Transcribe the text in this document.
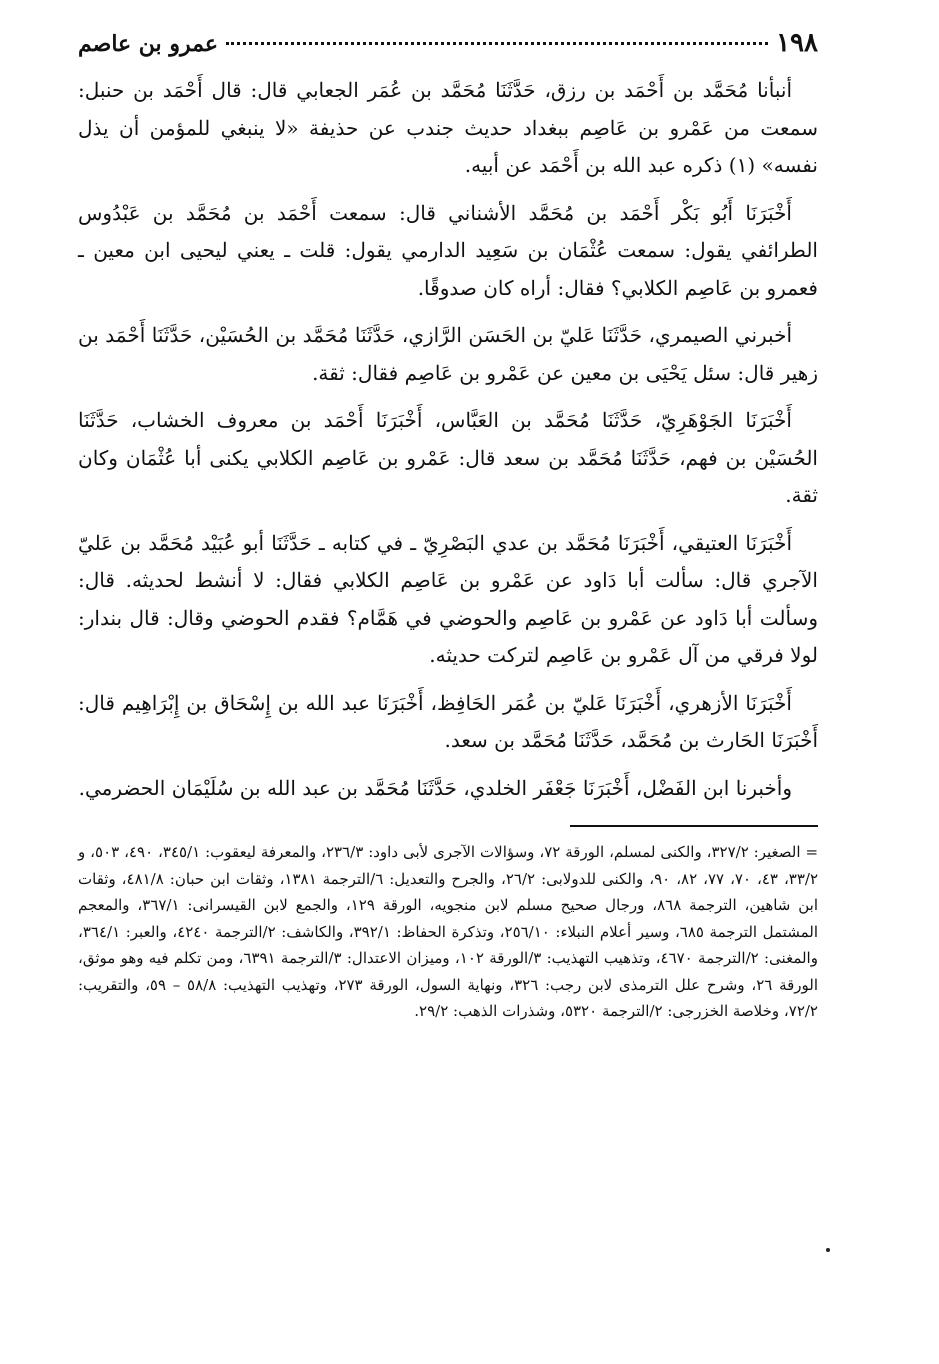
١٩٨
عمرو بن عاصم

أنبأنا مُحَمَّد بن أَحْمَد بن رزق، حَدَّثَنَا مُحَمَّد بن عُمَر الجعابي قال: قال أَحْمَد بن حنبل: سمعت من عَمْرو بن عَاصِم ببغداد حديث جندب عن حذيفة «لا ينبغي للمؤمن أن يذل نفسه» (١) ذكره عبد الله بن أَحْمَد عن أبيه.

أَخْبَرَنَا أَبُو بَكْر أَحْمَد بن مُحَمَّد الأشناني قال: سمعت أَحْمَد بن مُحَمَّد بن عَبْدُوس الطرائفي يقول: سمعت عُثْمَان بن سَعِيد الدارمي يقول: قلت ـ يعني ليحيى ابن معين ـ فعمرو بن عَاصِم الكلابي؟ فقال: أراه كان صدوقًا.

أخبرني الصيمري، حَدَّثَنَا عَليّ بن الحَسَن الرَّازي، حَدَّثَنَا مُحَمَّد بن الحُسَيْن، حَدَّثَنَا أَحْمَد بن زهير قال: سئل يَحْيَى بن معين عن عَمْرو بن عَاصِم فقال: ثقة.

أَخْبَرَنَا الجَوْهَرِيّ، حَدَّثَنَا مُحَمَّد بن العَبَّاس، أَخْبَرَنَا أَحْمَد بن معروف الخشاب، حَدَّثَنَا الحُسَيْن بن فهم، حَدَّثَنَا مُحَمَّد بن سعد قال: عَمْرو بن عَاصِم الكلابي يكنى أبا عُثْمَان وكان ثقة.

أَخْبَرَنَا العتيقي، أَخْبَرَنَا مُحَمَّد بن عدي البَصْرِيّ ـ في كتابه ـ حَدَّثَنَا أبو عُبَيْد مُحَمَّد بن عَليّ الآجري قال: سألت أبا دَاود عن عَمْرو بن عَاصِم الكلابي فقال: لا أنشط لحديثه. قال: وسألت أبا دَاود عن عَمْرو بن عَاصِم والحوضي في هَمَّام؟ فقدم الحوضي وقال: قال بندار: لولا فرقي من آل عَمْرو بن عَاصِم لتركت حديثه.

أَخْبَرَنَا الأزهري، أَخْبَرَنَا عَليّ بن عُمَر الحَافِظ، أَخْبَرَنَا عبد الله بن إِسْحَاق بن إِبْرَاهِيم قال: أَخْبَرَنَا الحَارث بن مُحَمَّد، حَدَّثَنَا مُحَمَّد بن سعد.

وأخبرنا ابن الفَضْل، أَخْبَرَنَا جَعْفَر الخلدي، حَدَّثَنَا مُحَمَّد بن عبد الله بن سُلَيْمَان الحضرمي.

= الصغير: ٣٢٧/٢، والكنى لمسلم، الورقة ٧٢، وسؤالات الآجرى لأبى داود: ٢٣٦/٣، والمعرفة ليعقوب: ٣٤٥/١، ٤٩٠، ٥٠٣، و ٣٣/٢، ٤٣، ٧٠، ٧٧، ٨٢، ٩٠، والكنى للدولابى: ٢٦/٢، والجرح والتعديل: ٦/الترجمة ١٣٨١، وثقات ابن حبان: ٤٨١/٨، وثقات ابن شاهين، الترجمة ٨٦٨، ورجال صحيح مسلم لابن منجويه، الورقة ١٢٩، والجمع لابن القيسرانى: ٣٦٧/١، والمعجم المشتمل الترجمة ٦٨٥، وسير أعلام النبلاء: ٢٥٦/١٠، وتذكرة الحفاظ: ٣٩٢/١، والكاشف: ٢/الترجمة ٤٢٤٠، والعبر: ٣٦٤/١، والمغنى: ٢/الترجمة ٤٦٧٠، وتذهيب التهذيب: ٣/الورقة ١٠٢، وميزان الاعتدال: ٣/الترجمة ٦٣٩١، ومن تكلم فيه وهو موثق، الورقة ٢٦، وشرح علل الترمذى لابن رجب: ٣٢٦، ونهاية السول، الورقة ٢٧٣، وتهذيب التهذيب: ٥٨/٨ – ٥٩، والتقريب: ٧٢/٢، وخلاصة الخزرجى: ٢/الترجمة ٥٣٢٠، وشذرات الذهب: ٢٩/٢.
